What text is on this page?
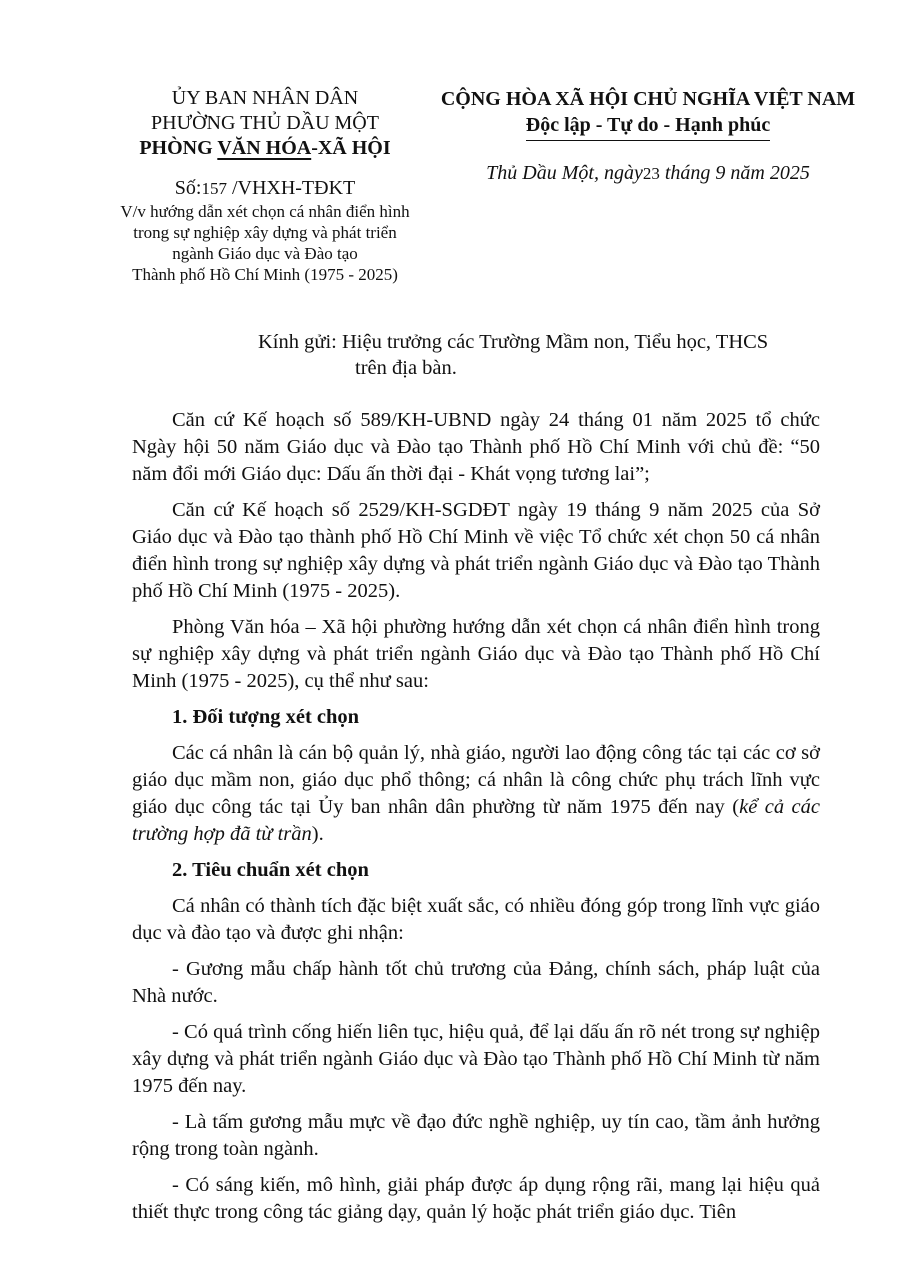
ỦY BAN NHÂN DÂN
PHƯỜNG THỦ DẦU MỘT
PHÒNG VĂN HÓA-XÃ HỘI
Số:157 /VHXH-TĐKT
V/v hướng dẫn xét chọn cá nhân điển hình
trong sự nghiệp xây dựng và phát triển
ngành Giáo dục và Đào tạo
Thành phố Hồ Chí Minh (1975 - 2025)
CỘNG HÒA XÃ HỘI CHỦ NGHĨA VIỆT NAM
Độc lập - Tự do - Hạnh phúc
Thủ Dầu Một, ngày23 tháng 9 năm 2025
Kính gửi: Hiệu trưởng các Trường Mầm non, Tiểu học, THCS
trên địa bàn.

Căn cứ Kế hoạch số 589/KH-UBND ngày 24 tháng 01 năm 2025 tổ chức Ngày hội 50 năm Giáo dục và Đào tạo Thành phố Hồ Chí Minh với chủ đề: “50 năm đổi mới Giáo dục: Dấu ấn thời đại - Khát vọng tương lai”;

Căn cứ Kế hoạch số 2529/KH-SGDĐT ngày 19 tháng 9 năm 2025 của Sở Giáo dục và Đào tạo thành phố Hồ Chí Minh về việc Tổ chức xét chọn 50 cá nhân điển hình trong sự nghiệp xây dựng và phát triển ngành Giáo dục và Đào tạo Thành phố Hồ Chí Minh (1975 - 2025).

Phòng Văn hóa – Xã hội phường hướng dẫn xét chọn cá nhân điển hình trong sự nghiệp xây dựng và phát triển ngành Giáo dục và Đào tạo Thành phố Hồ Chí Minh (1975 - 2025), cụ thể như sau:

1. Đối tượng xét chọn

Các cá nhân là cán bộ quản lý, nhà giáo, người lao động công tác tại các cơ sở giáo dục mầm non, giáo dục phổ thông; cá nhân là công chức phụ trách lĩnh vực giáo dục công tác tại Ủy ban nhân dân phường từ năm 1975 đến nay (kể cả các trường hợp đã từ trần).

2. Tiêu chuẩn xét chọn

Cá nhân có thành tích đặc biệt xuất sắc, có nhiều đóng góp trong lĩnh vực giáo dục và đào tạo và được ghi nhận:

- Gương mẫu chấp hành tốt chủ trương của Đảng, chính sách, pháp luật của Nhà nước.

- Có quá trình cống hiến liên tục, hiệu quả, để lại dấu ấn rõ nét trong sự nghiệp xây dựng và phát triển ngành Giáo dục và Đào tạo Thành phố Hồ Chí Minh từ năm 1975 đến nay.

- Là tấm gương mẫu mực về đạo đức nghề nghiệp, uy tín cao, tầm ảnh hưởng rộng trong toàn ngành.

- Có sáng kiến, mô hình, giải pháp được áp dụng rộng rãi, mang lại hiệu quả thiết thực trong công tác giảng dạy, quản lý hoặc phát triển giáo dục. Tiên
